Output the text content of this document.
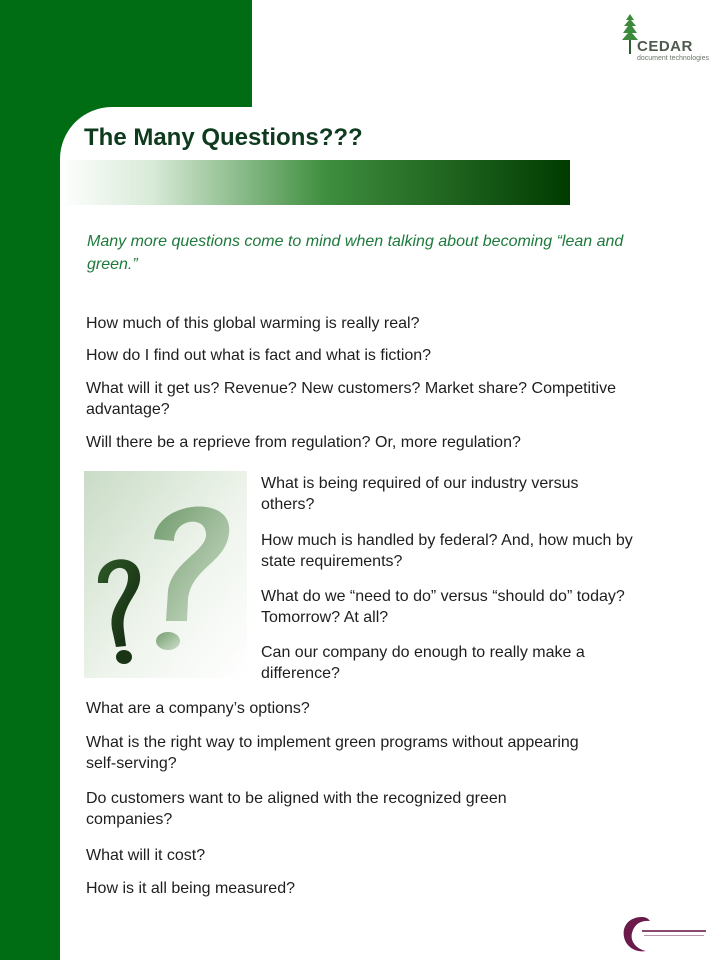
The Many Questions???
CEDAR
document technologies

Many more questions come to mind when talking about becoming “lean and green.”

How much of this global warming is really real?

How do I find out what is fact and what is fiction?

What will it get us? Revenue? New customers? Market share? Competitive advantage?

Will there be a reprieve from regulation? Or, more regulation?

What is being required of our industry versus others?

How much is handled by federal? And, how much by state requirements?

What do we “need to do” versus “should do” today? Tomorrow? At all?

Can our company do enough to really make a difference?

What are a company’s options?

What is the right way to implement green programs without appearing self-serving?

Do customers want to be aligned with the recognized green companies?

What will it cost?

How is it all being measured?
